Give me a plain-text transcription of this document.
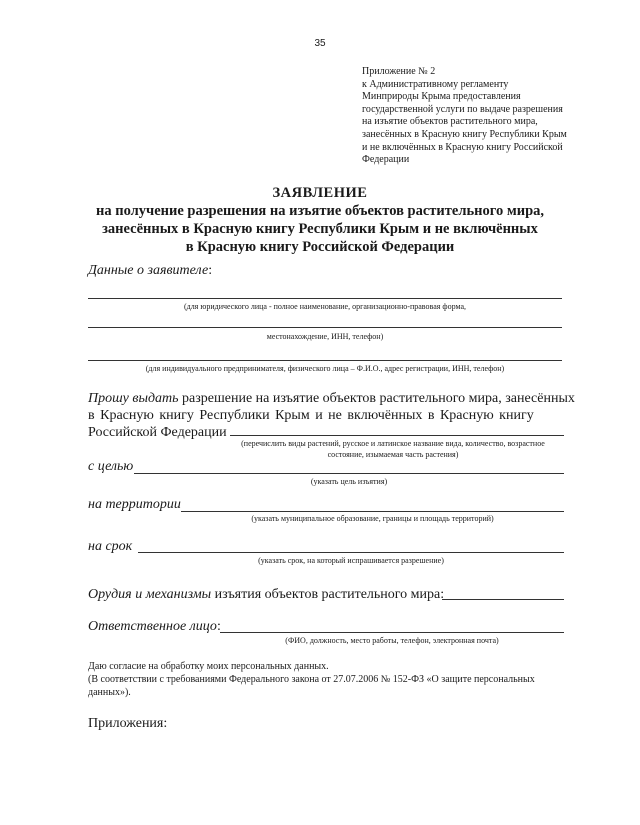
35
Приложение № 2
к Административному регламенту
Минприроды Крыма предоставления
государственной услуги по выдаче разрешения
на изъятие объектов растительного мира,
занесённых в Красную книгу Республики Крым
и не включённых в Красную книгу Российской
Федерации
ЗАЯВЛЕНИЕ
на получение разрешения на изъятие объектов растительного мира,
занесённых в Красную книгу Республики Крым и не включённых
в Красную книгу Российской Федерации
Данные о заявителе:
(для юридического лица - полное наименование, организационно-правовая форма,
местонахождение, ИНН, телефон)
(для индивидуального предпринимателя, физического лица – Ф.И.О., адрес регистрации, ИНН, телефон)
Прошу выдать разрешение на изъятие объектов растительного мира, занесённых
в Красную книгу Республики Крым и не включённых в Красную книгу
Российской Федерации
(перечислить виды растений, русское и латинское название вида, количество, возрастное
состояние, изымаемая часть растения)
с целью
(указать цель изъятия)
на территории
(указать муниципальное образование, границы и площадь территорий)
на срок
(указать срок, на который испрашивается разрешение)
Орудия и механизмы изъятия объектов растительного мира:
Ответственное лицо:
(ФИО, должность, место работы, телефон, электронная почта)
Даю согласие на обработку моих персональных данных.
(В соответствии с требованиями Федерального закона от 27.07.2006 № 152-ФЗ «О защите персональных
данных»).
Приложения:
